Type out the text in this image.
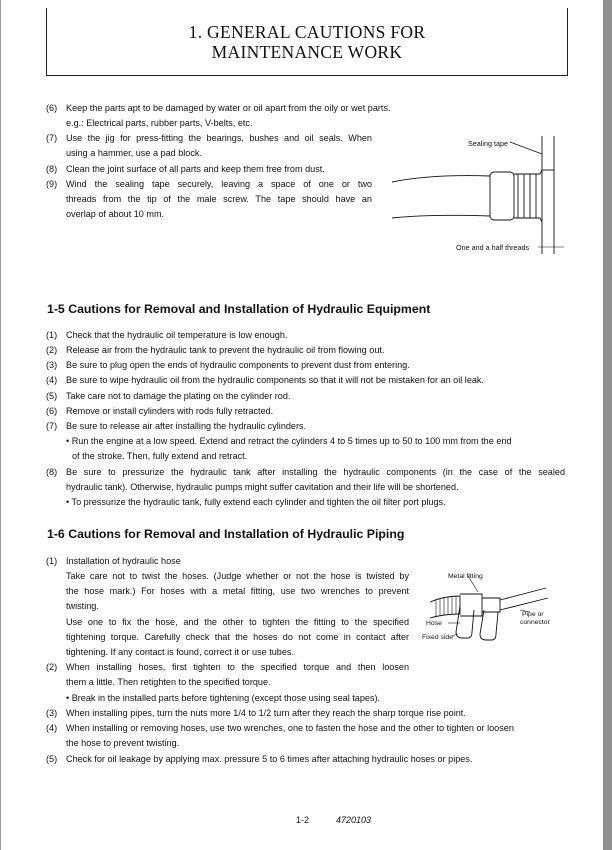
1. GENERAL CAUTIONS FOR
MAINTENANCE WORK
(6) Keep the parts apt to be damaged by water or oil apart from the oily or wet parts.
e.g.: Electrical parts, rubber parts, V-belts, etc.
(7) Use the jig for press-fitting the bearings, bushes and oil seals. When
using a hammer, use a pad block.
(8) Clean the joint surface of all parts and keep them free from dust.
(9) Wind the sealing tape securely, leaving a space of one or two
threads from the tip of the male screw. The tape should have an
overlap of about 10 mm.
Sealing tape
One and a half threads
1-5 Cautions for Removal and Installation of Hydraulic Equipment
(1) Check that the hydraulic oil temperature is low enough.
(2) Release air from the hydraulic tank to prevent the hydraulic oil from flowing out.
(3) Be sure to plug open the ends of hydraulic components to prevent dust from entering.
(4) Be sure to wipe hydraulic oil from the hydraulic components so that it will not be mistaken for an oil leak.
(5) Take care not to damage the plating on the cylinder rod.
(6) Remove or install cylinders with rods fully retracted.
(7) Be sure to release air after installing the hydraulic cylinders.
• Run the engine at a low speed. Extend and retract the cylinders 4 to 5 times up to 50 to 100 mm from the end
of the stroke. Then, fully extend and retract.
(8) Be sure to pressurize the hydraulic tank after installing the hydraulic components (in the case of the sealed
hydraulic tank). Otherwise, hydraulic pumps might suffer cavitation and their life will be shortened.
• To pressurize the hydraulic tank, fully extend each cylinder and tighten the oil filter port plugs.
1-6 Cautions for Removal and Installation of Hydraulic Piping
(1) Installation of hydraulic hose
Take care not to twist the hoses. (Judge whether or not the hose is twisted by
the hose mark.) For hoses with a metal fitting, use two wrenches to prevent
twisting.
Use one to fix the hose, and the other to tighten the fitting to the specified
tightening torque. Carefully check that the hoses do not come in contact after
tightening. If any contact is found, correct it or use tubes.
(2) When installing hoses, first tighten to the specified torque and then loosen
them a little. Then retighten to the specified torque.
• Break in the installed parts before tightening (except those using seal tapes).
(3) When installing pipes, turn the nuts more 1/4 to 1/2 turn after they reach the sharp torque rise point.
(4) When installing or removing hoses, use two wrenches, one to fasten the hose and the other to tighten or loosen
the hose to prevent twisting.
(5) Check for oil leakage by applying max. pressure 5 to 6 times after attaching hydraulic hoses or pipes.
Metal fitting
Pipe or
connector
Hose
Fixed side
1-2	4720103
